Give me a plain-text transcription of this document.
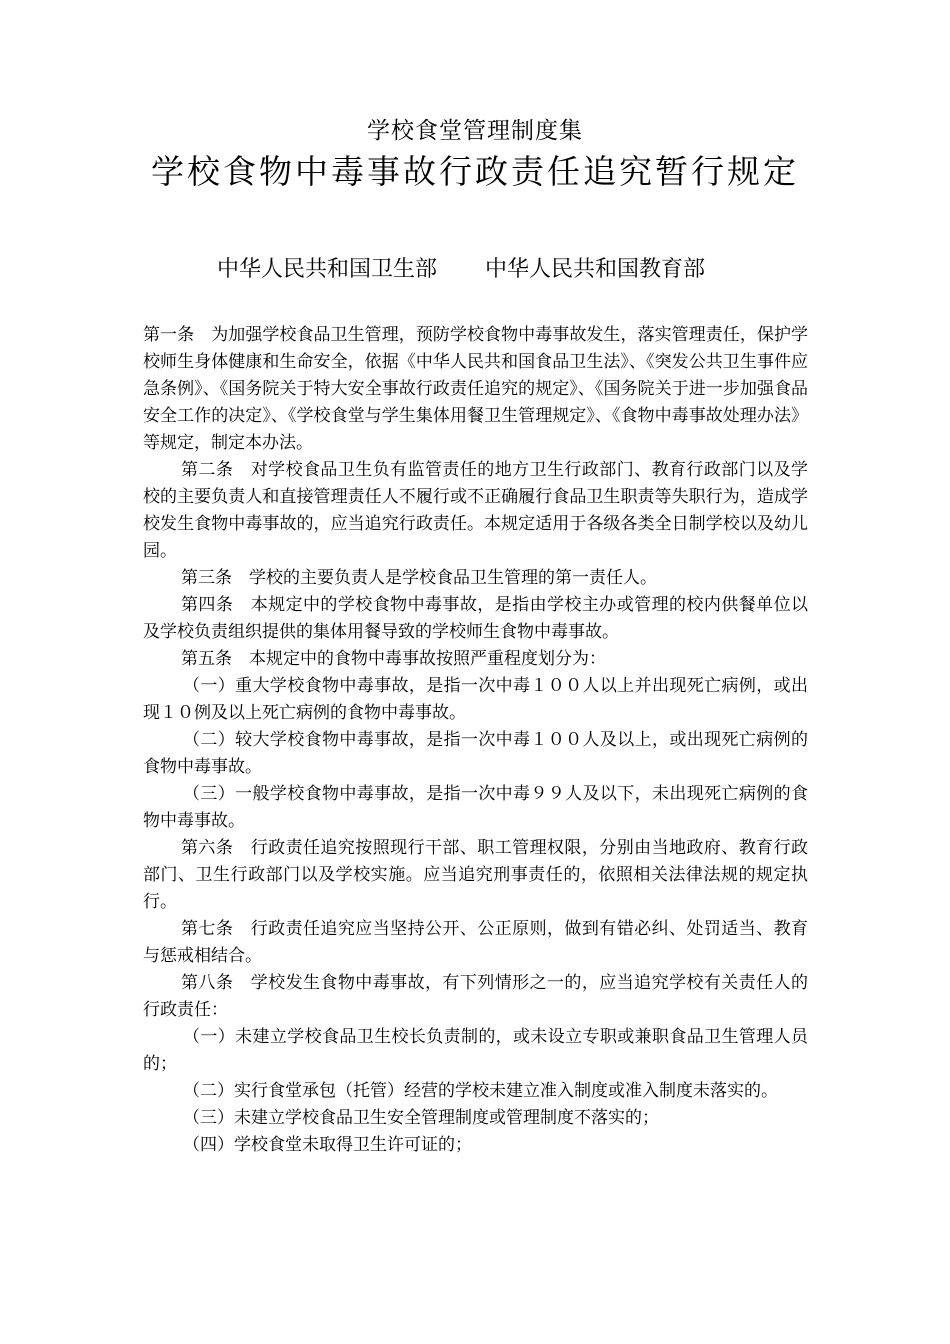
学校食堂管理制度集
学校食物中毒事故行政责任追究暂行规定
中华人民共和国卫生部 中华人民共和国教育部

第一条　为加强学校食品卫生管理，预防学校食物中毒事故发生，落实管理责任，保护学校师生身体健康和生命安全，依据《中华人民共和国食品卫生法》、《突发公共卫生事件应急条例》、《国务院关于特大安全事故行政责任追究的规定》、《国务院关于进一步加强食品安全工作的决定》、《学校食堂与学生集体用餐卫生管理规定》、《食物中毒事故处理办法》等规定，制定本办法。

第二条　对学校食品卫生负有监管责任的地方卫生行政部门、教育行政部门以及学校的主要负责人和直接管理责任人不履行或不正确履行食品卫生职责等失职行为，造成学校发生食物中毒事故的，应当追究行政责任。本规定适用于各级各类全日制学校以及幼儿园。

第三条　学校的主要负责人是学校食品卫生管理的第一责任人。

第四条　本规定中的学校食物中毒事故，是指由学校主办或管理的校内供餐单位以及学校负责组织提供的集体用餐导致的学校师生食物中毒事故。

第五条　本规定中的食物中毒事故按照严重程度划分为：

（一）重大学校食物中毒事故，是指一次中毒１００人以上并出现死亡病例，或出现１０例及以上死亡病例的食物中毒事故。

（二）较大学校食物中毒事故，是指一次中毒１００人及以上，或出现死亡病例的食物中毒事故。

（三）一般学校食物中毒事故，是指一次中毒９９人及以下，未出现死亡病例的食物中毒事故。

第六条　行政责任追究按照现行干部、职工管理权限，分别由当地政府、教育行政部门、卫生行政部门以及学校实施。应当追究刑事责任的，依照相关法律法规的规定执行。

第七条　行政责任追究应当坚持公开、公正原则，做到有错必纠、处罚适当、教育与惩戒相结合。

第八条　学校发生食物中毒事故，有下列情形之一的，应当追究学校有关责任人的行政责任：

（一）未建立学校食品卫生校长负责制的，或未设立专职或兼职食品卫生管理人员的；

（二）实行食堂承包（托管）经营的学校未建立准入制度或准入制度未落实的。

（三）未建立学校食品卫生安全管理制度或管理制度不落实的；

（四）学校食堂未取得卫生许可证的；
